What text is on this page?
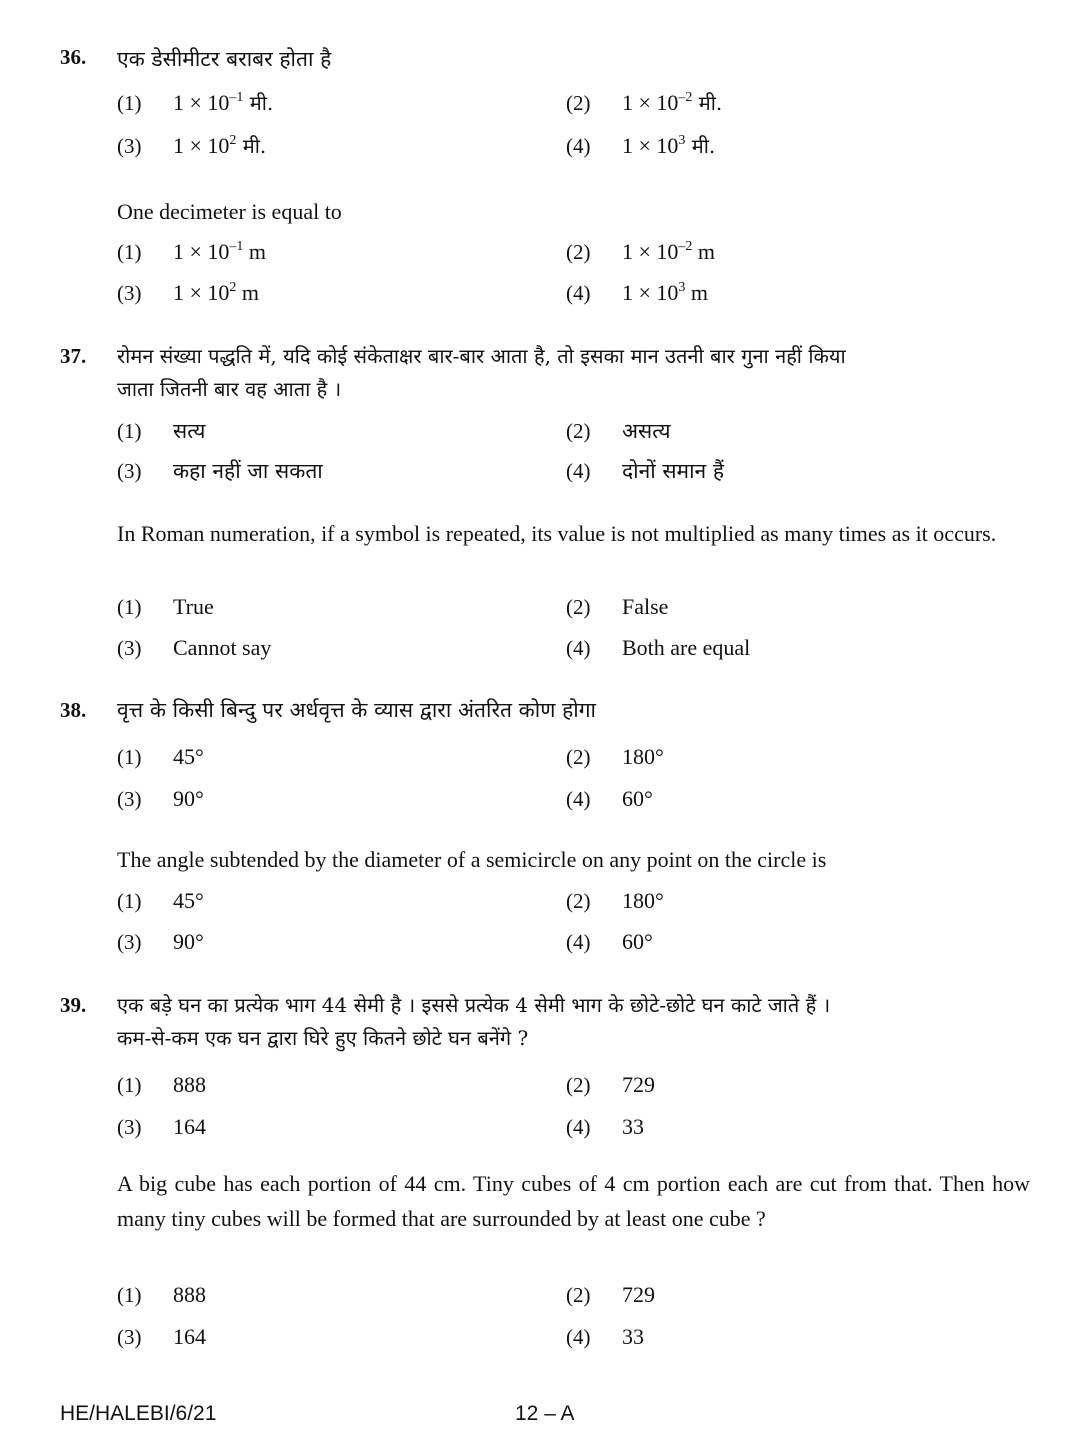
36. एक डेसीमीटर बराबर होता है
(1) $1 \times 10^{-1}$ मी.	(2) $1 \times 10^{-2}$ मी.
(3) $1 \times 10^2$ मी.	(4) $1 \times 10^3$ मी.
One decimeter is equal to
(1) $1 \times 10^{-1}$ m	(2) $1 \times 10^{-2}$ m
(3) $1 \times 10^2$ m	(4) $1 \times 10^3$ m
37. रोमन संख्या पद्धति में, यदि कोई संकेताक्षर बार-बार आता है, तो इसका मान उतनी बार गुना नहीं किया
जाता जितनी बार वह आता है ।
(1) सत्य	(2) असत्य
(3) कहा नहीं जा सकता	(4) दोनों समान हैं
In Roman numeration, if a symbol is repeated, its value is not multiplied as many times as it occurs.
(1) True	(2) False
(3) Cannot say	(4) Both are equal
38. वृत्त के किसी बिन्दु पर अर्धवृत्त के व्यास द्वारा अंतरित कोण होगा
(1) 45°	(2) 180°
(3) 90°	(4) 60°
The angle subtended by the diameter of a semicircle on any point on the circle is
(1) 45°	(2) 180°
(3) 90°	(4) 60°
39. एक बड़े घन का प्रत्येक भाग 44 सेमी है । इससे प्रत्येक 4 सेमी भाग के छोटे-छोटे घन काटे जाते हैं ।
कम-से-कम एक घन द्वारा घिरे हुए कितने छोटे घन बनेंगे ?
(1) 888	(2) 729
(3) 164	(4) 33
A big cube has each portion of 44 cm. Tiny cubes of 4 cm portion each are cut from that. Then how many tiny cubes will be formed that are surrounded by at least one cube ?
(1) 888	(2) 729
(3) 164	(4) 33
HE/HALEBI/6/21	12 – A
